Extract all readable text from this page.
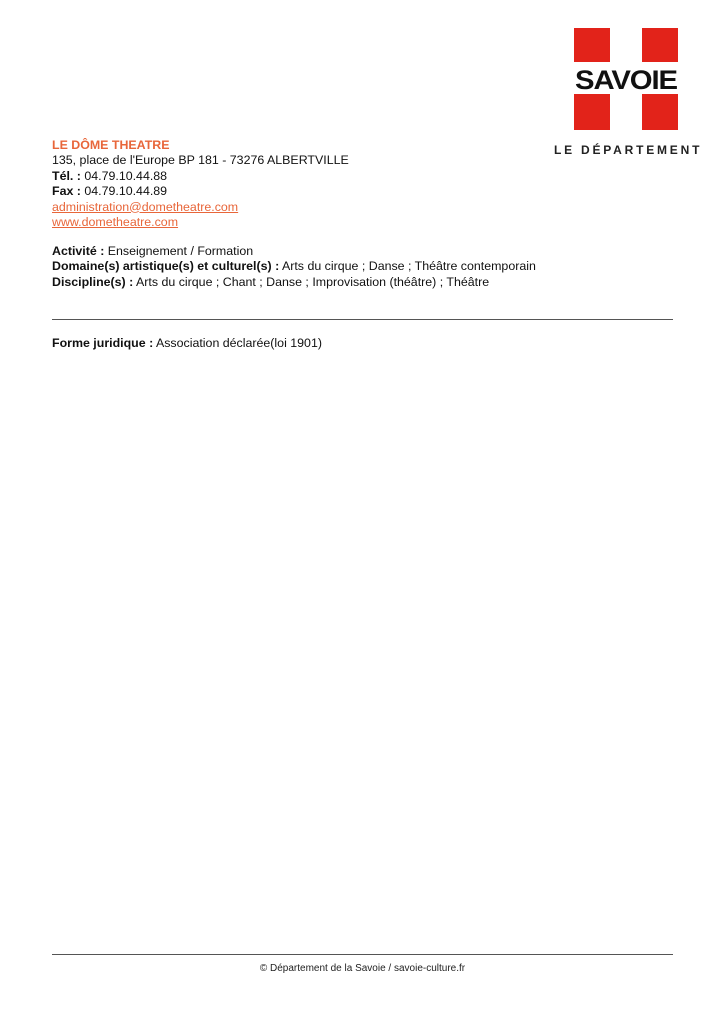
SAVOIE
LE DÉPARTEMENT
LE DÔME THEATRE
135, place de l'Europe BP 181 - 73276 ALBERTVILLE
Tél. : 04.79.10.44.88
Fax : 04.79.10.44.89
administration@dometheatre.com
www.dometheatre.com
Activité : Enseignement / Formation
Domaine(s) artistique(s) et culturel(s) : Arts du cirque ; Danse ; Théâtre contemporain
Discipline(s) : Arts du cirque ; Chant ; Danse ; Improvisation (théâtre) ; Théâtre
Forme juridique : Association déclarée(loi 1901)
© Département de la Savoie / savoie-culture.fr
